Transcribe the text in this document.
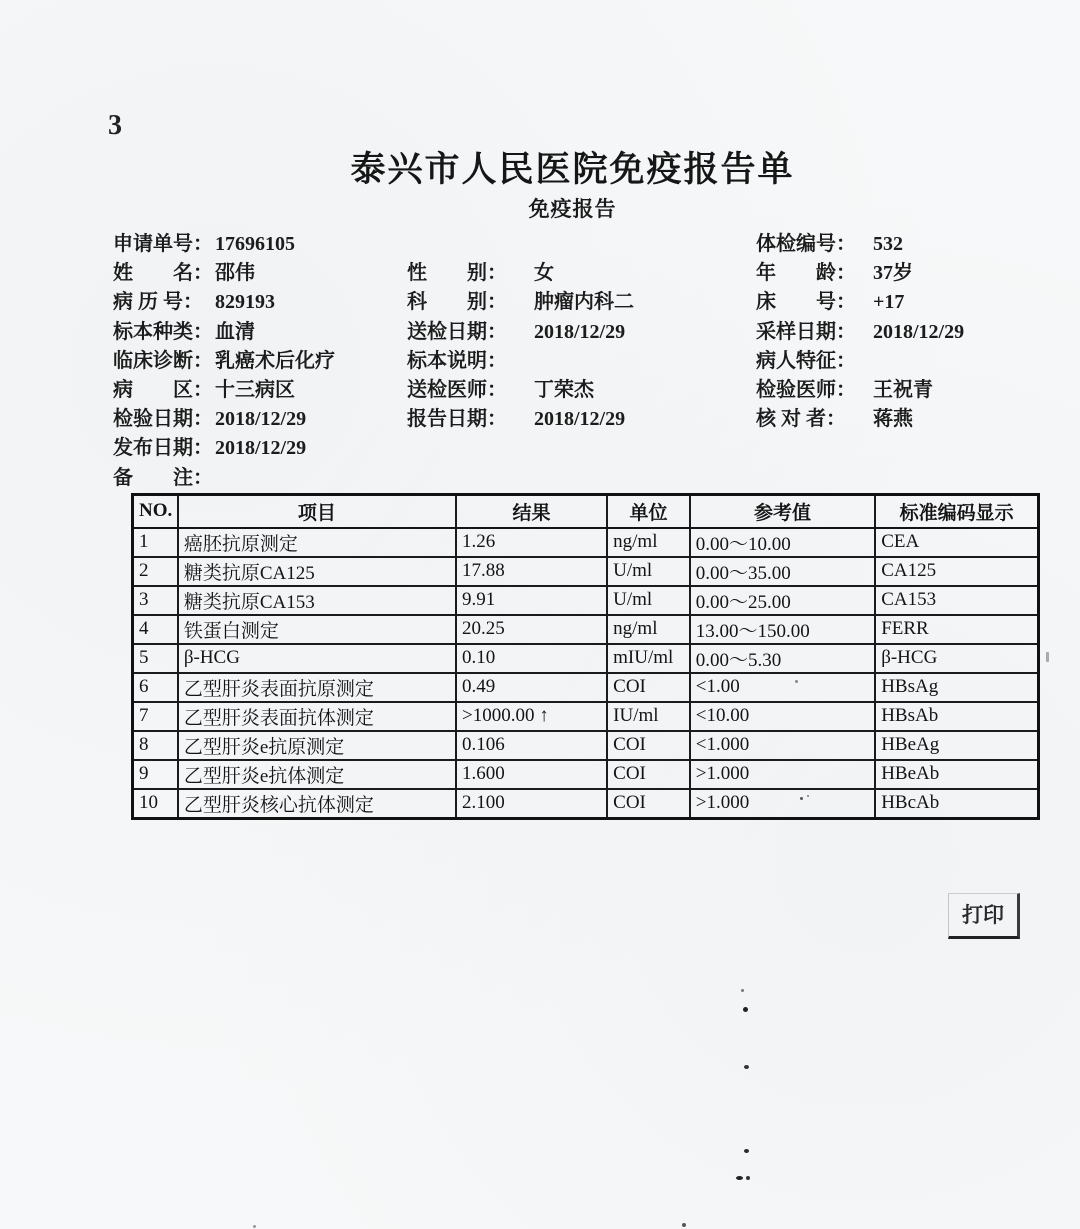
3
泰兴市人民医院免疫报告单
免疫报告
申请单号： 17696105
姓　　名： 邵伟
病 历 号： 829193
标本种类： 血清
临床诊断： 乳癌术后化疗
病　　区： 十三病区
检验日期： 2018/12/29
发布日期： 2018/12/29
备　　注：
性　　别： 女
科　　别： 肿瘤内科二
送检日期： 2018/12/29
标本说明：
送检医师： 丁荣杰
报告日期： 2018/12/29
体检编号： 532
年　　龄： 37岁
床　　号： +17
采样日期： 2018/12/29
病人特征：
检验医师： 王祝青
核 对 者： 蒋燕
NO.	项目	结果	单位	参考值	标准编码显示
1	癌胚抗原测定	1.26	ng/ml	0.00～10.00	CEA
2	糖类抗原CA125	17.88	U/ml	0.00～35.00	CA125
3	糖类抗原CA153	9.91	U/ml	0.00～25.00	CA153
4	铁蛋白测定	20.25	ng/ml	13.00～150.00	FERR
5	β-HCG	0.10	mIU/ml	0.00～5.30	β-HCG
6	乙型肝炎表面抗原测定	0.49	COI	<1.00	HBsAg
7	乙型肝炎表面抗体测定	>1000.00 ↑	IU/ml	<10.00	HBsAb
8	乙型肝炎e抗原测定	0.106	COI	<1.000	HBeAg
9	乙型肝炎e抗体测定	1.600	COI	>1.000	HBeAb
10	乙型肝炎核心抗体测定	2.100	COI	>1.000	HBcAb
打印
